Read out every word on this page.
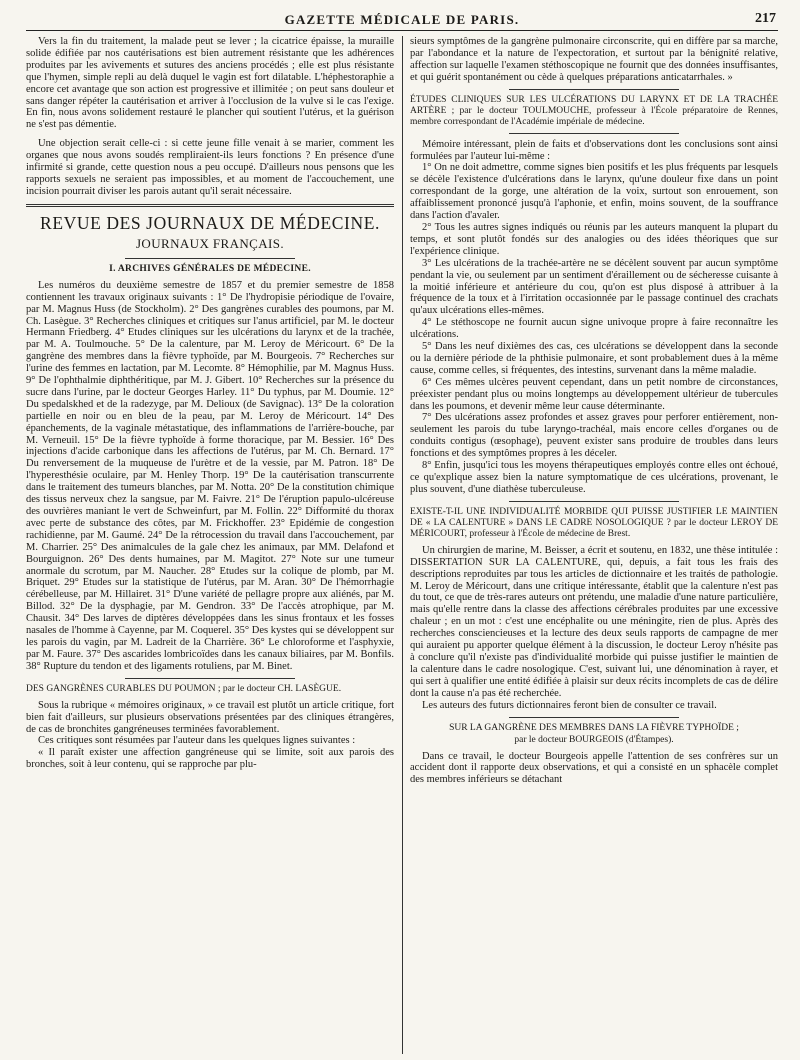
GAZETTE MÉDICALE DE PARIS.	217

Vers la fin du traitement, la malade peut se lever ; la cicatrice épaisse, la muraille solide édifiée par nos cautérisations est bien autrement résistante que les adhérences produites par les avivements et sutures des anciens procédés ; elle est plus résistante que l'hymen, simple repli au delà duquel le vagin est fort dilatable. L'héphestoraphie a encore cet avantage que son action est progressive et illimitée ; on peut sans douleur et sans danger répéter la cautérisation et arriver à l'occlusion de la vulve si le cas l'exige. En fin, nous avons solidement restauré le plancher qui soutient l'utérus, et la guérison ne s'est pas démentie.

Une objection serait celle-ci : si cette jeune fille venait à se marier, comment les organes que nous avons soudés rempliraient-ils leurs fonctions ? En présence d'une infirmité si grande, cette question nous a peu occupé. D'ailleurs nous pensons que les rapports sexuels ne seraient pas impossibles, et au moment de l'accouchement, une incision pourrait diviser les parois autant qu'il serait nécessaire.

REVUE DES JOURNAUX DE MÉDECINE.
JOURNAUX FRANÇAIS.
I. ARCHIVES GÉNÉRALES DE MÉDECINE.

Les numéros du deuxième semestre de 1857 et du premier semestre de 1858 contiennent les travaux originaux suivants : 1° De l'hydropisie périodique de l'ovaire, par M. Magnus Huss (de Stockholm). 2° Des gangrènes curables des poumons, par M. Ch. Lasègue. 3° Recherches cliniques et critiques sur l'anus artificiel, par M. le docteur Hermann Friedberg. 4° Etudes cliniques sur les ulcérations du larynx et de la trachée, par M. A. Toulmouche. 5° De la calenture, par M. Leroy de Méricourt. 6° De la gangrène des membres dans la fièvre typhoïde, par M. Bourgeois. 7° Recherches sur l'urine des femmes en lactation, par M. Lecomte. 8° Hémophilie, par M. Magnus Huss. 9° De l'ophthalmie diphthéritique, par M. J. Gibert. 10° Recherches sur la présence du sucre dans l'urine, par le docteur Georges Harley. 11° Du typhus, par M. Doumie. 12° Du spedalskhed et de la radezyge, par M. Delioux (de Savignac). 13° De la coloration partielle en noir ou en bleu de la peau, par M. Leroy de Méricourt. 14° Des épanchements, de la vaginale métastatique, des inflammations de l'arrière-bouche, par M. Verneuil. 15° De la fièvre typhoïde à forme thoracique, par M. Bessier. 16° Des injections d'acide carbonique dans les affections de l'utérus, par M. Ch. Bernard. 17° Du renversement de la muqueuse de l'urètre et de la vessie, par M. Patron. 18° De l'hyperesthésie oculaire, par M. Henley Thorp. 19° De la cautérisation transcurrente dans le traitement des tumeurs blanches, par M. Notta. 20° De la constitution chimique des tissus nerveux chez la sangsue, par M. Faivre. 21° De l'éruption papulo-ulcéreuse des ouvrières maniant le vert de Schweinfurt, par M. Follin. 22° Difformité du thorax avec perte de substance des côtes, par M. Frickhoffer. 23° Epidémie de congestion rachidienne, par M. Gaumé. 24° De la rétrocession du travail dans l'accouchement, par M. Charrier. 25° Des animalcules de la gale chez les animaux, par MM. Delafond et Bourguignon. 26° Des dents humaines, par M. Magitot. 27° Note sur une tumeur anormale du scrotum, par M. Naucher. 28° Etudes sur la colique de plomb, par M. Briquet. 29° Etudes sur la statistique de l'utérus, par M. Aran. 30° De l'hémorrhagie cérébelleuse, par M. Hillairet. 31° D'une variété de pellagre propre aux aliénés, par M. Billod. 32° De la dysphagie, par M. Gendron. 33° De l'accès atrophique, par M. Chausit. 34° Des larves de diptères développées dans les sinus frontaux et les fosses nasales de l'homme à Cayenne, par M. Coquerel. 35° Des kystes qui se développent sur les parois du vagin, par M. Ladreit de la Charrière. 36° Le chloroforme et l'asphyxie, par M. Faure. 37° Des ascarides lombricoïdes dans les canaux biliaires, par M. Bonfils. 38° Rupture du tendon et des ligaments rotuliens, par M. Binet.

DES GANGRÈNES CURABLES DU POUMON ; par le docteur CH. LASÈGUE.

Sous la rubrique « mémoires originaux, » ce travail est plutôt un article critique, fort bien fait d'ailleurs, sur plusieurs observations présentées par des cliniques étrangères, de cas de bronchites gangréneuses terminées favorablement.

Ces critiques sont résumées par l'auteur dans les quelques lignes suivantes :

« Il paraît exister une affection gangréneuse qui se limite, soit aux parois des bronches, soit à leur contenu, qui se rapproche par plu-

sieurs symptômes de la gangrène pulmonaire circonscrite, qui en diffère par sa marche, par l'abondance et la nature de l'expectoration, et surtout par la bénignité relative, affection sur laquelle l'examen stéthoscopique ne fournit que des données insuffisantes, et qui guérit spontanément ou cède à quelques préparations anticatarrhales. »

ÉTUDES CLINIQUES SUR LES ULCÉRATIONS DU LARYNX ET DE LA TRACHÉE ARTÈRE ; par le docteur TOULMOUCHE, professeur à l'École préparatoire de Rennes, membre correspondant de l'Académie impériale de médecine.

Mémoire intéressant, plein de faits et d'observations dont les conclusions sont ainsi formulées par l'auteur lui-même :

1° On ne doit admettre, comme signes bien positifs et les plus fréquents par lesquels se décèle l'existence d'ulcérations dans le larynx, qu'une douleur fixe dans un point correspondant de la gorge, une altération de la voix, surtout son enrouement, son affaiblissement prononcé jusqu'à l'aphonie, et enfin, moins souvent, de la souffrance dans l'action d'avaler.

2° Tous les autres signes indiqués ou réunis par les auteurs manquent la plupart du temps, et sont plutôt fondés sur des analogies ou des idées théoriques que sur l'expérience clinique.

3° Les ulcérations de la trachée-artère ne se décèlent souvent par aucun symptôme pendant la vie, ou seulement par un sentiment d'éraillement ou de sécheresse cuisante à la moitié inférieure et antérieure du cou, qu'on est plus disposé à attribuer à la fréquence de la toux et à l'irritation occasionnée par le passage continuel des crachats qu'aux ulcérations elles-mêmes.

4° Le stéthoscope ne fournit aucun signe univoque propre à faire reconnaître les ulcérations.

5° Dans les neuf dixièmes des cas, ces ulcérations se développent dans la seconde ou la dernière période de la phthisie pulmonaire, et sont probablement dues à la même cause, comme celles, si fréquentes, des intestins, survenant dans la même maladie.

6° Ces mêmes ulcères peuvent cependant, dans un petit nombre de circonstances, préexister pendant plus ou moins longtemps au développement ultérieur de tubercules dans les poumons, et devenir même leur cause déterminante.

7° Des ulcérations assez profondes et assez graves pour perforer entièrement, non-seulement les parois du tube laryngo-trachéal, mais encore celles d'organes ou de conduits contigus (œsophage), peuvent exister sans produire de troubles dans leurs fonctions et des symptômes propres à les déceler.

8° Enfin, jusqu'ici tous les moyens thérapeutiques employés contre elles ont échoué, ce qu'explique assez bien la nature symptomatique de ces ulcérations, provenant, le plus souvent, d'une diathèse tuberculeuse.

EXISTE-T-IL UNE INDIVIDUALITÉ MORBIDE QUI PUISSE JUSTIFIER LE MAINTIEN DE « LA CALENTURE » DANS LE CADRE NOSOLOGIQUE ? par le docteur LEROY DE MÉRICOURT, professeur à l'École de médecine de Brest.

Un chirurgien de marine, M. Beisser, a écrit et soutenu, en 1832, une thèse intitulée : DISSERTATION SUR LA CALENTURE, qui, depuis, a fait tous les frais des descriptions reproduites par tous les articles de dictionnaire et les traités de pathologie. M. Leroy de Méricourt, dans une critique intéressante, établit que la calenture n'est pas du tout, ce que de très-rares auteurs ont prétendu, une maladie d'une nature particulière, mais qu'elle rentre dans la classe des affections cérébrales produites par une excessive chaleur ; en un mot : c'est une encéphalite ou une méningite, rien de plus. Après des recherches consciencieuses et la lecture des deux seuls rapports de campagne de mer qui auraient pu apporter quelque élément à la discussion, le docteur Leroy n'hésite pas à conclure qu'il n'existe pas d'individualité morbide qui puisse justifier le maintien de la calenture dans le cadre nosologique. C'est, suivant lui, une dénomination à rayer, et qui sert à qualifier une entité édifiée à plaisir sur deux récits incomplets de cas de délire dont la cause n'a pas été recherchée.

Les auteurs des futurs dictionnaires feront bien de consulter ce travail.

SUR LA GANGRÈNE DES MEMBRES DANS LA FIÈVRE TYPHOÏDE ;
par le docteur BOURGEOIS (d'Étampes).

Dans ce travail, le docteur Bourgeois appelle l'attention de ses confrères sur un accident dont il rapporte deux observations, et qui a consisté en un sphacèle complet des membres inférieurs se détachant
